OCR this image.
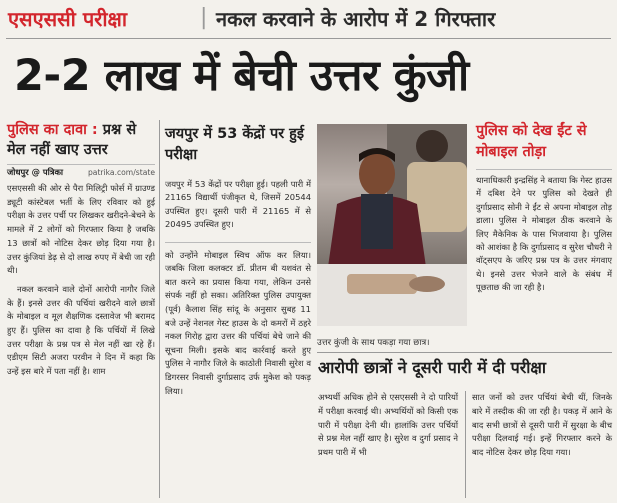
एसएससी परीक्षा	| नकल करवाने के आरोप में 2 गिरफ्तार
2-2 लाख में बेची उत्तर कुंजी
पुलिस का दावा : प्रश्न से मेल नहीं खाए उत्तर
जोधपुर @ पत्रिका	patrika.com/state

एसएससी की ओर से पैरा मिलिट्री फोर्स में ग्राउण्ड ड्यूटी कांस्टेबल भर्ती के लिए रविवार को हुई परीक्षा के उत्तर पर्ची पर लिखकर खरीदने-बेचने के मामले में 2 लोगों को गिरफ्तार किया है जबकि 13 छात्रों को नोटिस देकर छोड़ दिया गया है। उत्तर कुंजियां डेढ़ से दो लाख रुपए में बेची जा रही थी।

नकल करवाने वाले दोनों आरोपी नागौर जिले के हैं। इनसे उत्तर की पर्चियां खरीदने वाले छात्रों के मोबाइल व मूल शैक्षणिक दस्तावेज भी बरामद हुए हैं। पुलिस का दावा है कि पर्चियों में लिखे उत्तर परीक्षा के प्रश्न पत्र से मेल नहीं खा रहे हैं। एडीएम सिटी अजरा परवीन ने दिन में कहा कि उन्हें इस बारे में पता नहीं है। शाम

जयपुर में 53 केंद्रों पर हुई परीक्षा
जयपुर में 53 केंद्रों पर परीक्षा हुई। पहली पारी में 21165 विद्यार्थी पंजीकृत थे, जिसमें 20544 उपस्थित हुए। दूसरी पारी में 21165 में से 20495 उपस्थित हुए।
को उन्होंने मोबाइल स्विच ऑफ कर लिया। जबकि जिला कलक्टर डॉ. प्रीतम बी यशवंत से बात करने का प्रयास किया गया, लेकिन उनसे संपर्क नहीं हो सका। अतिरिक्त पुलिस उपायुक्त (पूर्व) कैलाश सिंह सांदू के अनुसार सुबह 11 बजे उन्हें नेशनल गेस्ट हाउस के दो कमरों में ठहरे नकल गिरोह द्वारा उत्तर की पर्चियां बेचे जाने की सूचना मिली। इसके बाद कार्रवाई करते हुए पुलिस ने नागौर जिले के काठोती निवासी सुरेश व डिगरसर निवासी दुर्गाप्रसाद उर्फ मुकेश को पकड़ लिया।
उत्तर कुंजी के साथ पकड़ा गया छात्र।
पुलिस को देख ईंट से मोबाइल तोड़ा
थानाधिकारी इन्द्रसिंह ने बताया कि गेस्ट हाउस में दबिश देने पर पुलिस को देखते ही दुर्गाप्रसाद सोनी ने ईंट से अपना मोबाइल तोड़ डाला। पुलिस ने मोबाइल ठीक करवाने के लिए मैकेनिक के पास भिजवाया है। पुलिस को आशंका है कि दुर्गाप्रसाद व सुरेश चौधरी ने वॉट्सएप के जरिए प्रश्न पत्र के उत्तर मंगवाए थे। इनसे उत्तर भेजने वाले के संबंध में पूछताछ की जा रही है।
आरोपी छात्रों ने दूसरी पारी में दी परीक्षा
अभ्यर्थी अधिक होने से एसएससी ने दो पारियों में परीक्षा करवाई थी। अभ्यर्थियों को किसी एक पारी में परीक्षा देनी थी। हालांकि उत्तर पर्चियों से प्रश्न मेल नहीं खाए है। सुरेश व दुर्गा प्रसाद ने प्रथम पारी में भी
सात जनों को उत्तर पर्चियां बेची थीं, जिनके बारे में तस्दीक की जा रही है। पकड़ में आने के बाद सभी छात्रों से दूसरी पारी में सुरक्षा के बीच परीक्षा दिलवाई गई। इन्हें गिरफ्तार करने के बाद नोटिस देकर छोड़ दिया गया।
